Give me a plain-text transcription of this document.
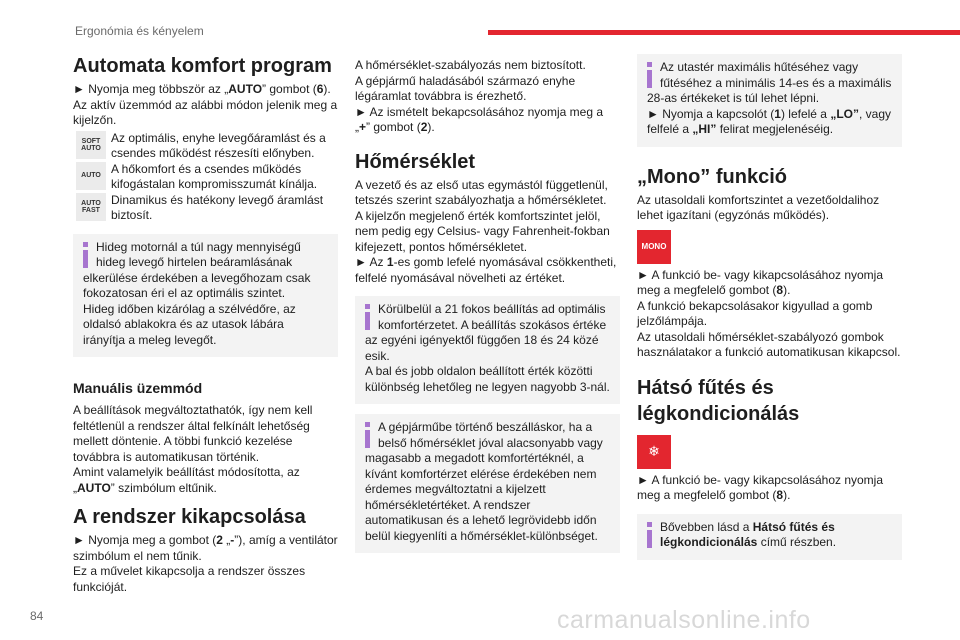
Ergonómia és kényelem
Automata komfort program

► Nyomja meg többször az „AUTO” gombot (6).

Az aktív üzemmód az alábbi módon jelenik meg a kijelzőn.

SOFT AUTO
Az optimális, enyhe levegőáramlást és a csendes működést részesíti előnyben.
AUTO A hőkomfort és a csendes működés kifogástalan kompromisszumát kínálja.
AUTO FAST
Dinamikus és hatékony levegő áramlást biztosít.

Hideg motornál a túl nagy mennyiségű hideg levegő hirtelen beáramlásának elkerülése érdekében a levegőhozam csak fokozatosan éri el az optimális szintet.

Hideg időben kizárólag a szélvédőre, az oldalsó ablakokra és az utasok lábára irányítja a meleg levegőt.

Manuális üzemmód

A beállítások megváltoztathatók, így nem kell feltétlenül a rendszer által felkínált lehetőség mellett döntenie. A többi funkció kezelése továbbra is automatikusan történik.

Amint valamelyik beállítást módosította, az „AUTO” szimbólum eltűnik.

A rendszer kikapcsolása

► Nyomja meg a gombot (2 „-”), amíg a ventilátor szimbólum el nem tűnik.

Ez a művelet kikapcsolja a rendszer összes funkcióját.

A hőmérséklet-szabályozás nem biztosított.

A gépjármű haladásából származó enyhe légáramlat továbbra is érezhető.

► Az ismételt bekapcsolásához nyomja meg a „+” gombot (2).

Hőmérséklet

A vezető és az első utas egymástól függetlenül, tetszés szerint szabályozhatja a hőmérsékletet.

A kijelzőn megjelenő érték komfortszintet jelöl, nem pedig egy Celsius- vagy Fahrenheit-fokban kifejezett, pontos hőmérsékletet.

► Az 1-es gomb lefelé nyomásával csökkentheti, felfelé nyomásával növelheti az értéket.

Körülbelül a 21 fokos beállítás ad optimális komfortérzetet. A beállítás szokásos értéke az egyéni igényektől függően 18 és 24 közé esik.

A bal és jobb oldalon beállított érték közötti különbség lehetőleg ne legyen nagyobb 3-nál.

A gépjárműbe történő beszálláskor, ha a belső hőmérséklet jóval alacsonyabb vagy magasabb a megadott komfortértéknél, a kívánt komfortérzet elérése érdekében nem érdemes megváltoztatni a kijelzett hőmérsékletértéket. A rendszer automatikusan és a lehető legrövidebb időn belül kiegyenlíti a hőmérséklet-különbséget.

Az utastér maximális hűtéséhez vagy fűtéséhez a minimális 14-es és a maximális 28-as értékeket is túl lehet lépni.

► Nyomja a kapcsolót (1) lefelé a „LO”, vagy felfelé a „HI” felirat megjelenéséig.

„Mono” funkció

Az utasoldali komfortszintet a vezetőoldalihoz lehet igazítani (egyzónás működés).

MONO

► A funkció be- vagy kikapcsolásához nyomja meg a megfelelő gombot (8).

A funkció bekapcsolásakor kigyullad a gomb jelzőlámpája.

Az utasoldali hőmérséklet-szabályozó gombok használatakor a funkció automatikusan kikapcsol.

Hátsó fűtés és légkondicionálás
❄

► A funkció be- vagy kikapcsolásához nyomja meg a megfelelő gombot (8).

Bővebben lásd a Hátsó fűtés és légkondicionálás című részben.

84	carmanualsonline.info
